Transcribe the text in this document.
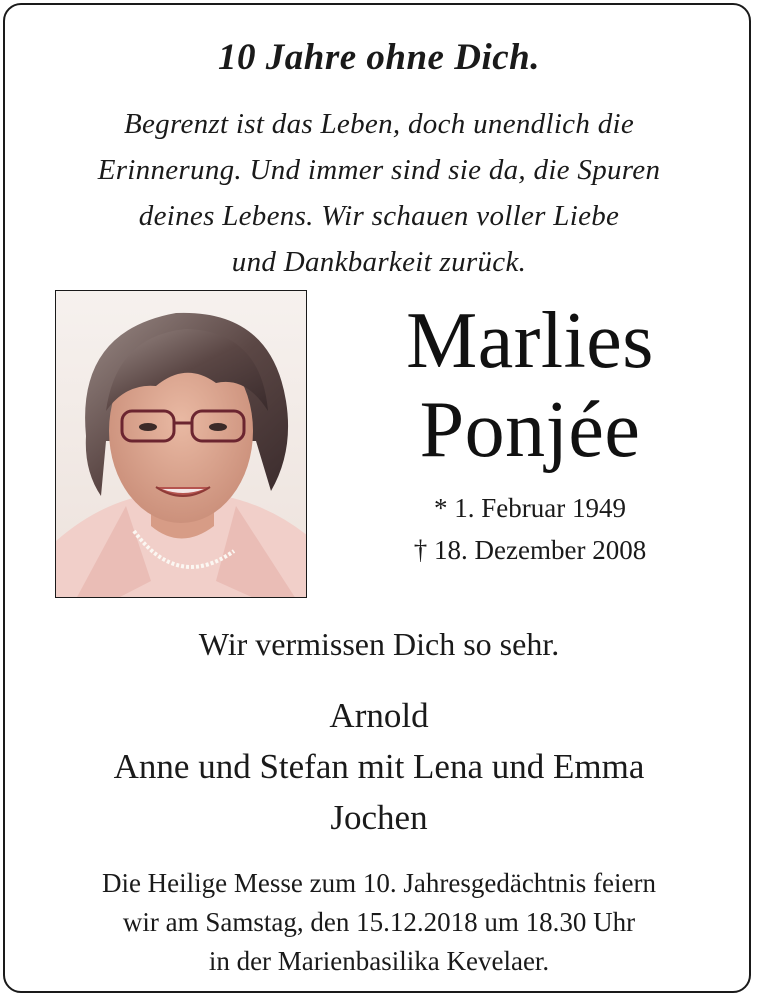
10 Jahre ohne Dich.
Begrenzt ist das Leben, doch unendlich die
Erinnerung. Und immer sind sie da, die Spuren
deines Lebens. Wir schauen voller Liebe
und Dankbarkeit zurück.
Marlies
Ponjée
* 1. Februar 1949
† 18. Dezember 2008
Wir vermissen Dich so sehr.
Arnold
Anne und Stefan mit Lena und Emma
Jochen
Die Heilige Messe zum 10. Jahresgedächtnis feiern
wir am Samstag, den 15.12.2018 um 18.30 Uhr
in der Marienbasilika Kevelaer.
